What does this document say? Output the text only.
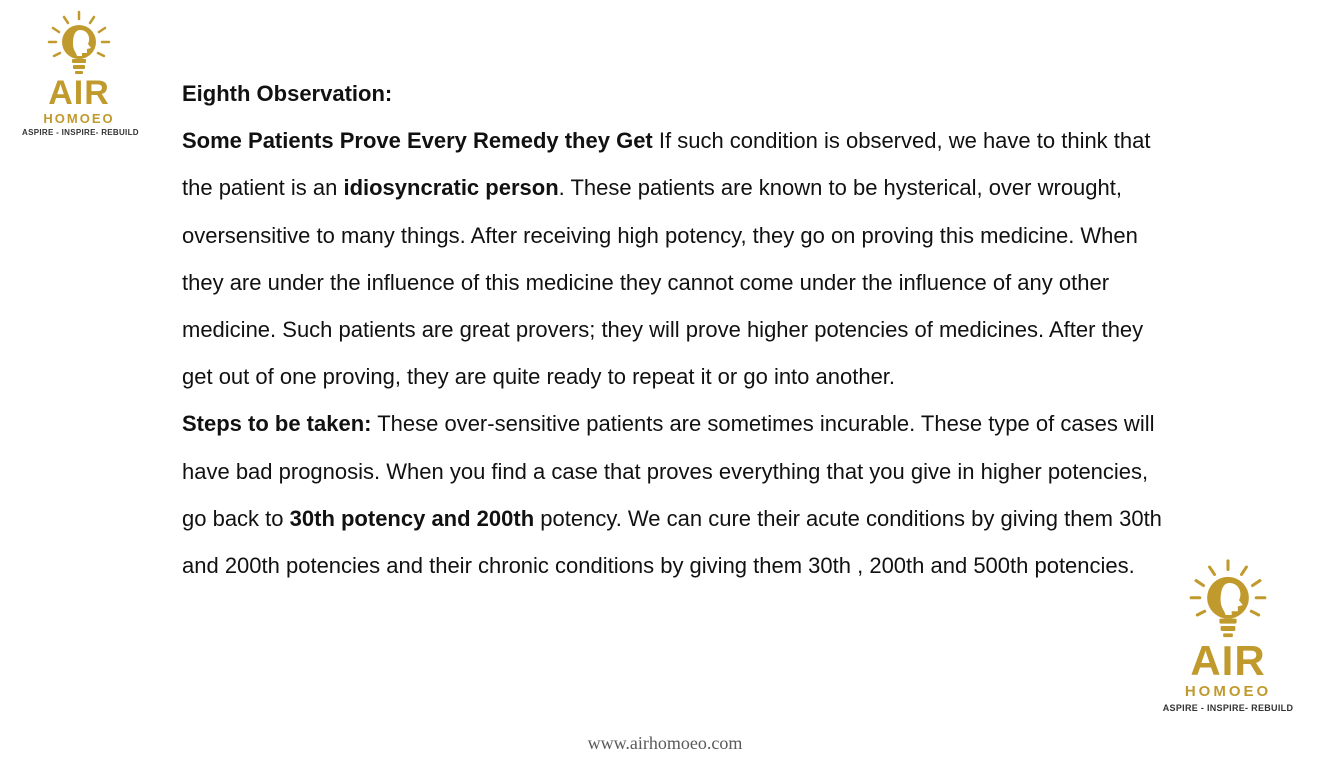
AIR
HOMOEO
ASPIRE - INSPIRE- REBUILD

Eighth Observation:

Some Patients Prove Every Remedy they Get If such condition is observed, we have to think that the patient is an idiosyncratic person. These patients are known to be hysterical, over wrought, oversensitive to many things. After receiving high potency, they go on proving this medicine. When they are under the influence of this medicine they cannot come under the influence of any other medicine. Such patients are great provers; they will prove higher potencies of medicines. After they get out of one proving, they are quite ready to repeat it or go into another.

Steps to be taken: These over-sensitive patients are sometimes incurable. These type of cases will have bad prognosis. When you find a case that proves everything that you give in higher potencies, go back to 30th potency and 200th potency. We can cure their acute conditions by giving them 30th and 200th potencies and their chronic conditions by giving them 30th , 200th and 500th potencies.

AIR
HOMOEO
ASPIRE - INSPIRE- REBUILD
www.airhomoeo.com
